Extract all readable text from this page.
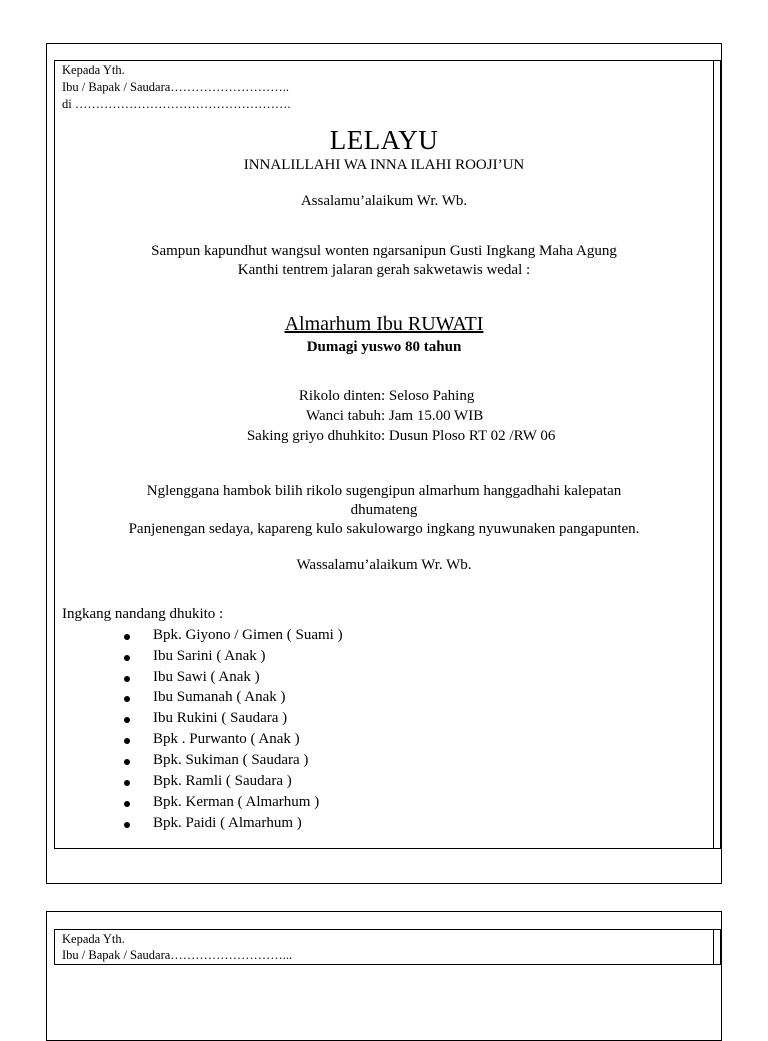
Kepada Yth.
Ibu / Bapak / Saudara………………………..
di …………………………………………….
LELAYU
INNALILLAHI WA INNA ILAHI ROOJI’UN
Assalamu’alaikum Wr. Wb.
Sampun kapundhut wangsul wonten ngarsanipun Gusti Ingkang Maha Agung
Kanthi tentrem jalaran gerah sakwetawis wedal :
Almarhum Ibu RUWATI
Dumagi yuswo 80 tahun
Rikolo dinten : Seloso Pahing
Wanci tabuh : Jam 15.00 WIB
Saking griyo dhuhkito : Dusun Ploso RT 02 /RW 06
Nglenggana hambok bilih rikolo sugengipun almarhum hanggadhahi kalepatan
dhumateng
Panjenengan sedaya, kapareng kulo sakulowargo ingkang nyuwunaken pangapunten.
Wassalamu’alaikum Wr. Wb.
Ingkang nandang dhukito :
Bpk. Giyono / Gimen ( Suami )
Ibu Sarini ( Anak )
Ibu Sawi ( Anak )
Ibu Sumanah ( Anak )
Ibu Rukini ( Saudara )
Bpk . Purwanto ( Anak )
Bpk. Sukiman ( Saudara )
Bpk. Ramli ( Saudara )
Bpk. Kerman ( Almarhum )
Bpk. Paidi ( Almarhum )
Kepada Yth.
Ibu / Bapak / Saudara………………………...
